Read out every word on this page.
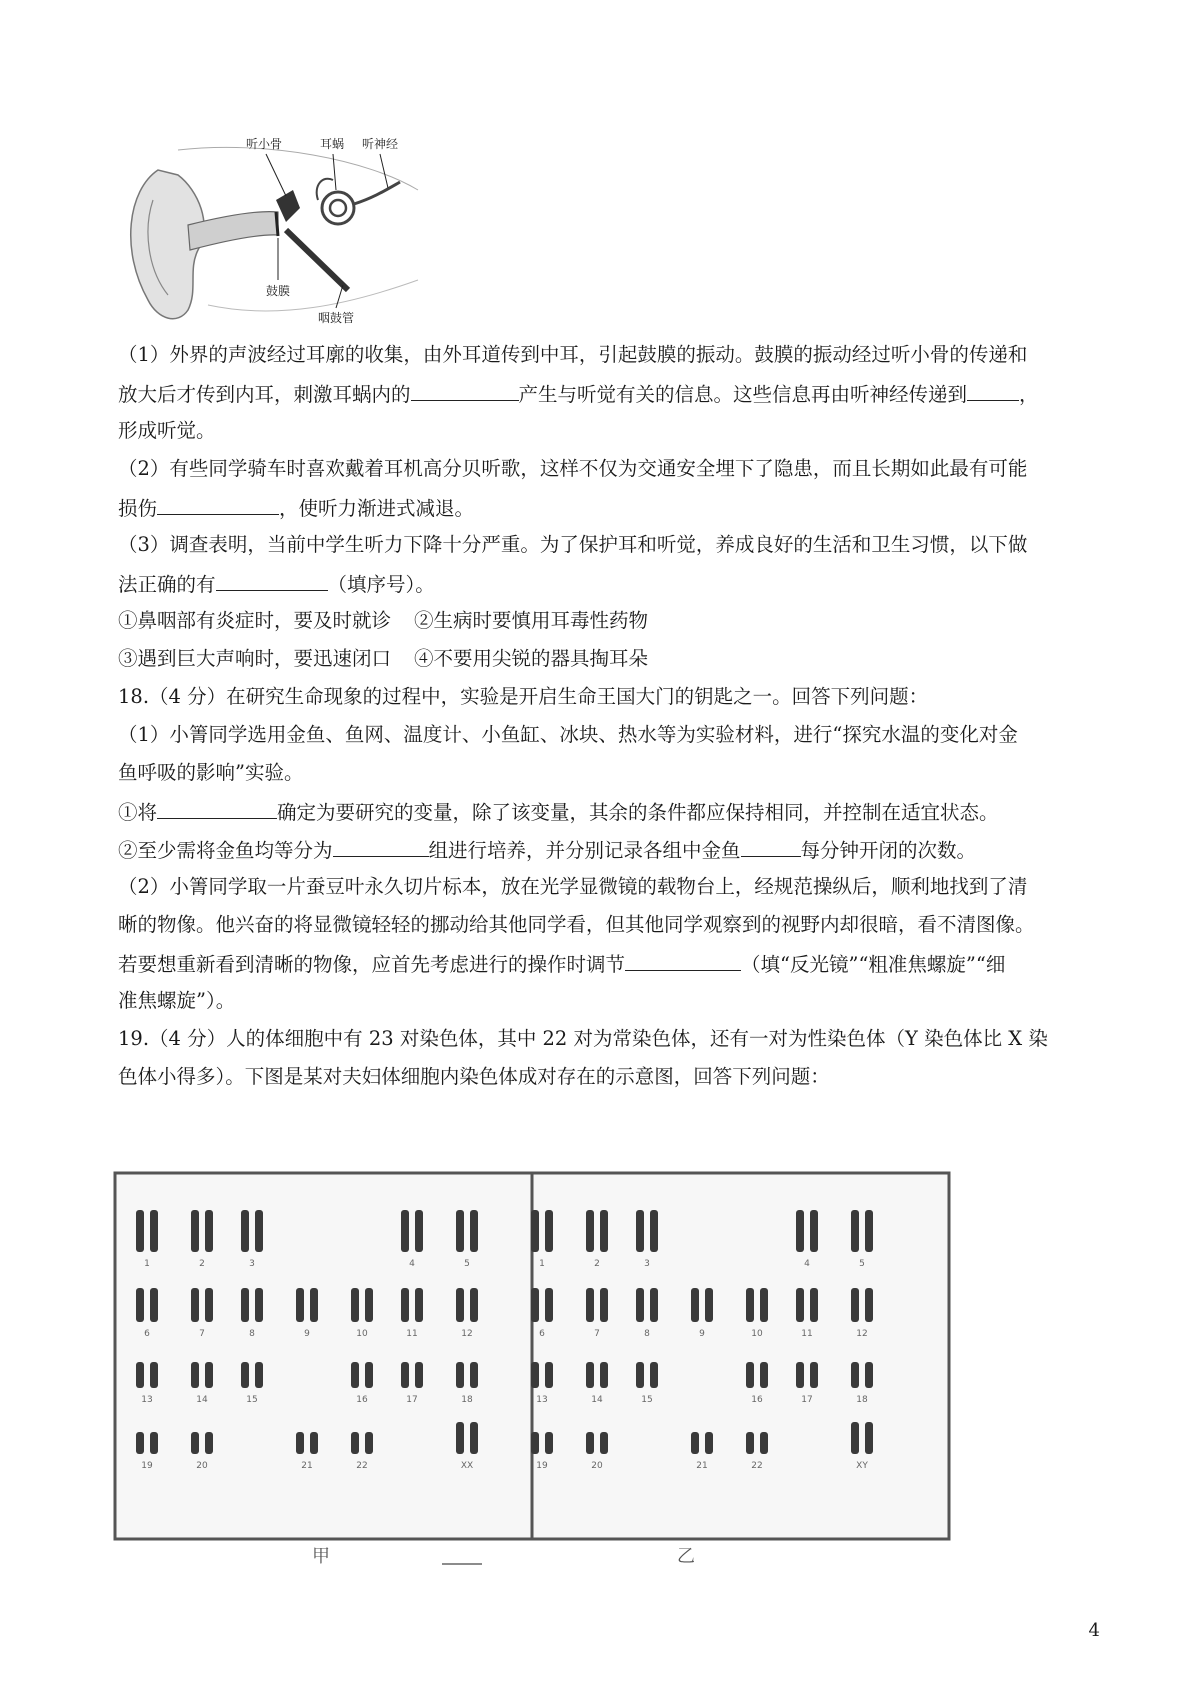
听小骨	耳蜗 听神经
鼓膜
咽鼓管
（1）外界的声波经过耳廓的收集，由外耳道传到中耳，引起鼓膜的振动。鼓膜的振动经过听小骨的传递和
放大后才传到内耳，刺激耳蜗内的	产生与听觉有关的信息。这些信息再由听神经传递到	，
形成听觉。
（2）有些同学骑车时喜欢戴着耳机高分贝听歌，这样不仅为交通安全埋下了隐患，而且长期如此最有可能
损伤	，使听力渐进式减退。
（3）调查表明，当前中学生听力下降十分严重。为了保护耳和听觉，养成良好的生活和卫生习惯，以下做
法正确的有	（填序号）。
①鼻咽部有炎症时，要及时就诊 ②生病时要慎用耳毒性药物
③遇到巨大声响时，要迅速闭口 ④不要用尖锐的器具掏耳朵
18.（4 分）在研究生命现象的过程中，实验是开启生命王国大门的钥匙之一。回答下列问题：
（1）小箐同学选用金鱼、鱼网、温度计、小鱼缸、冰块、热水等为实验材料，进行“探究水温的变化对金
鱼呼吸的影响”实验。
①将	确定为要研究的变量，除了该变量，其余的条件都应保持相同，并控制在适宜状态。
②至少需将金鱼均等分为	组进行培养，并分别记录各组中金鱼	每分钟开闭的次数。
（2）小箐同学取一片蚕豆叶永久切片标本，放在光学显微镜的载物台上，经规范操纵后，顺利地找到了清
晰的物像。他兴奋的将显微镜轻轻的挪动给其他同学看，但其他同学观察到的视野内却很暗，看不清图像。
若要想重新看到清晰的物像，应首先考虑进行的操作时调节	（填“反光镜”“粗准焦螺旋”“细
准焦螺旋”）。
19.（4 分）人的体细胞中有 23 对染色体，其中 22 对为常染色体，还有一对为性染色体（Y 染色体比 X 染
色体小得多）。下图是某对夫妇体细胞内染色体成对存在的示意图，回答下列问题：
1	2	3	4	5
6	7	8	9	10	11	12
13	14	15	16	17	18
19	20	21	22	XX
1	2	3	4	5
6	7	8	9	10	11	12
13	14	15	16	17	18
19	20	21	22	XY
甲	乙
4
